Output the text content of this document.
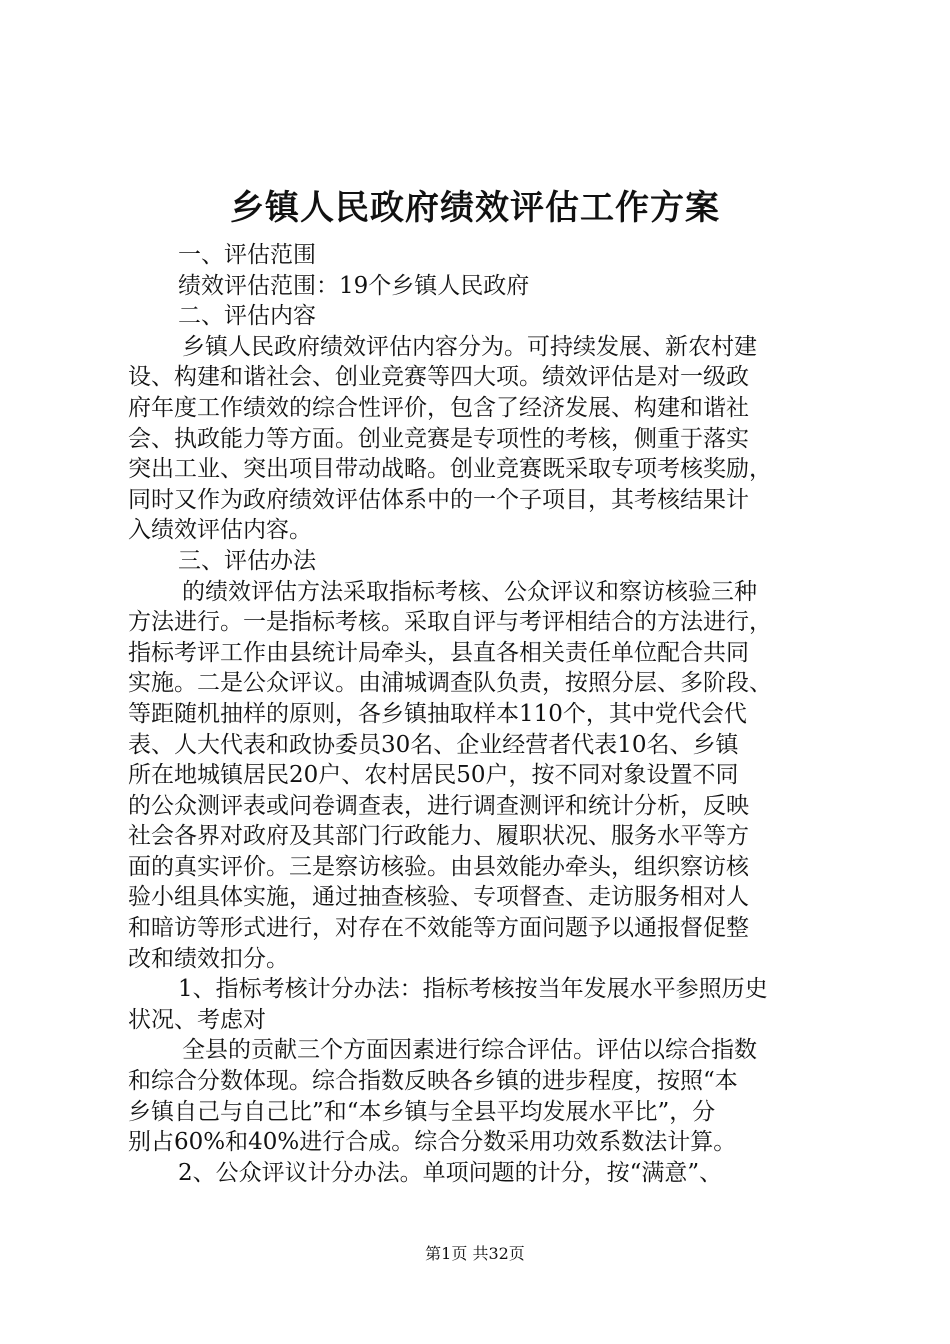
乡镇人民政府绩效评估工作方案
一、评估范围
绩效评估范围：19个乡镇人民政府
二、评估内容
乡镇人民政府绩效评估内容分为。可持续发展、新农村建
设、构建和谐社会、创业竞赛等四大项。绩效评估是对一级政
府年度工作绩效的综合性评价，包含了经济发展、构建和谐社
会、执政能力等方面。创业竞赛是专项性的考核，侧重于落实
突出工业、突出项目带动战略。创业竞赛既采取专项考核奖励，
同时又作为政府绩效评估体系中的一个子项目，其考核结果计
入绩效评估内容。
三、评估办法
的绩效评估方法采取指标考核、公众评议和察访核验三种
方法进行。一是指标考核。采取自评与考评相结合的方法进行，
指标考评工作由县统计局牵头，县直各相关责任单位配合共同
实施。二是公众评议。由浦城调查队负责，按照分层、多阶段、
等距随机抽样的原则，各乡镇抽取样本110个，其中党代会代
表、人大代表和政协委员30名、企业经营者代表10名、乡镇
所在地城镇居民20户、农村居民50户，按不同对象设置不同
的公众测评表或问卷调查表，进行调查测评和统计分析，反映
社会各界对政府及其部门行政能力、履职状况、服务水平等方
面的真实评价。三是察访核验。由县效能办牵头，组织察访核
验小组具体实施，通过抽查核验、专项督查、走访服务相对人
和暗访等形式进行，对存在不效能等方面问题予以通报督促整
改和绩效扣分。
1、指标考核计分办法：指标考核按当年发展水平参照历史
状况、考虑对
全县的贡献三个方面因素进行综合评估。评估以综合指数
和综合分数体现。综合指数反映各乡镇的进步程度，按照“本
乡镇自己与自己比”和“本乡镇与全县平均发展水平比”，分
别占60%和40%进行合成。综合分数采用功效系数法计算。
2、公众评议计分办法。单项问题的计分，按“满意”、
第1页 共32页
